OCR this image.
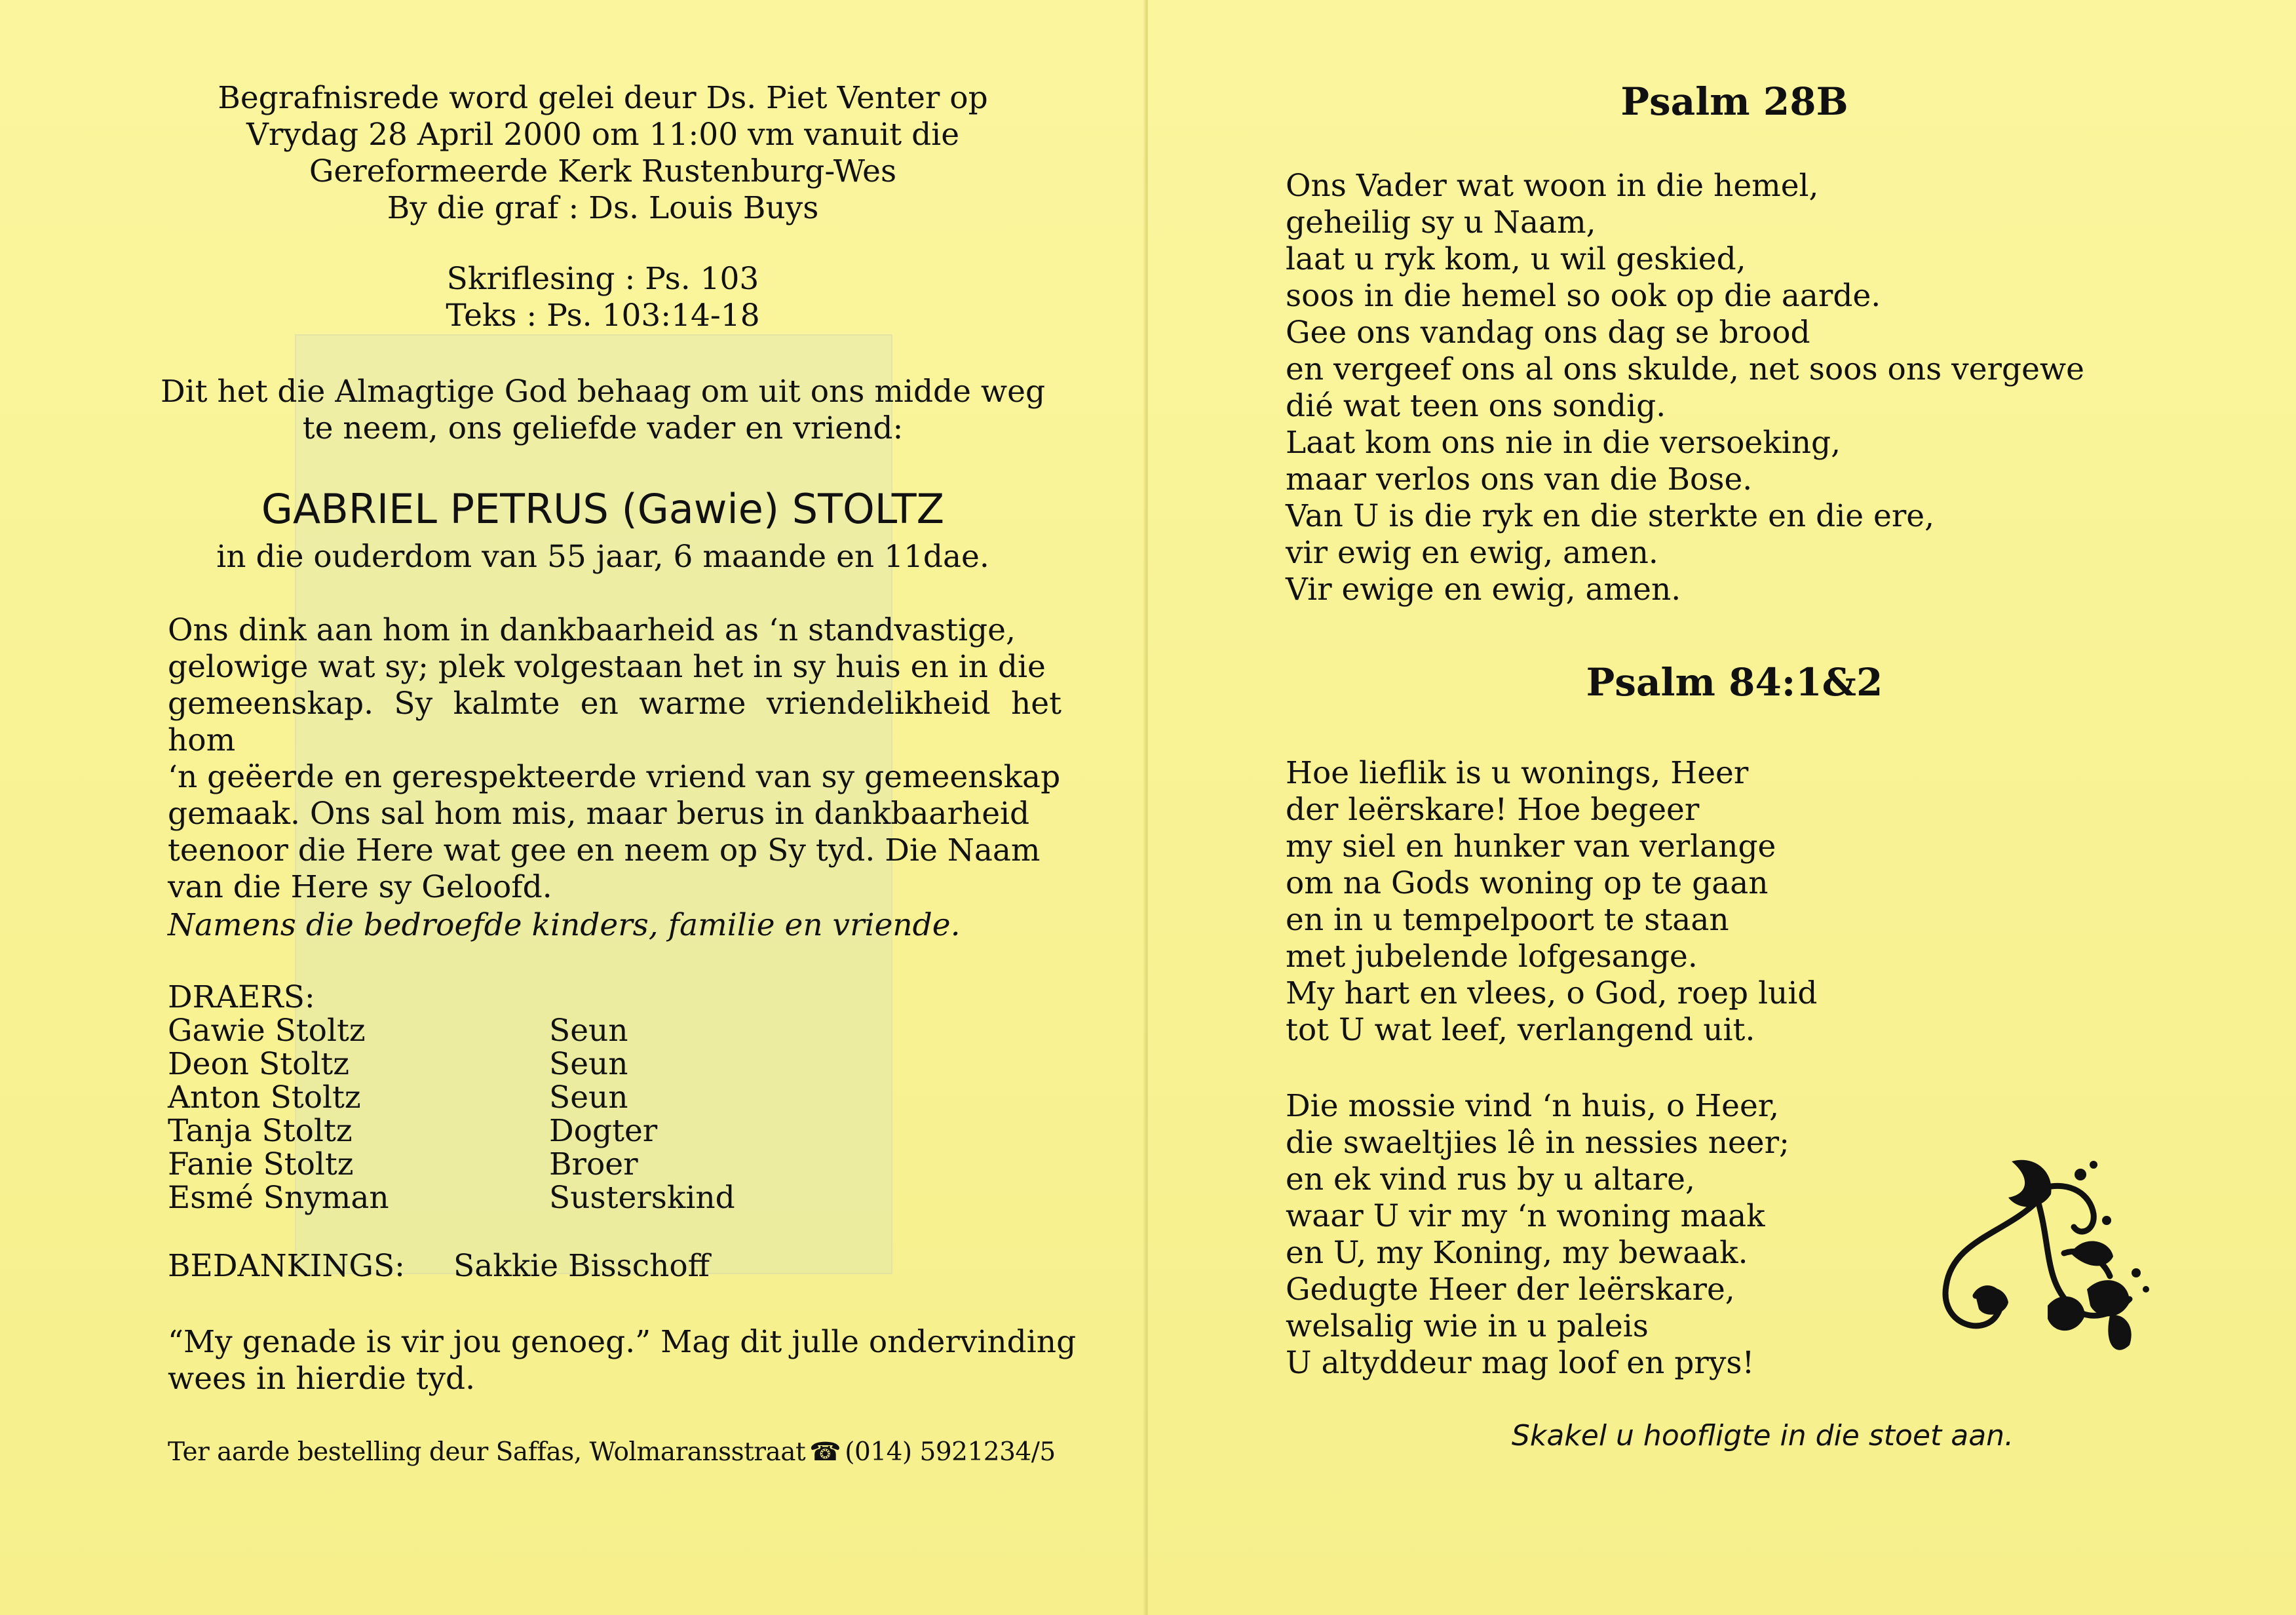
Begrafnisrede word gelei deur Ds. Piet Venter op
Vrydag 28 April 2000 om 11:00 vm vanuit die
Gereformeerde Kerk Rustenburg-Wes
By die graf : Ds. Louis Buys
Skriflesing : Ps. 103
Teks : Ps. 103:14-18
Dit het die Almagtige God behaag om uit ons midde weg
te neem, ons geliefde vader en vriend:
GABRIEL PETRUS (Gawie) STOLTZ
in die ouderdom van 55 jaar, 6 maande en 11dae.
Ons dink aan hom in dankbaarheid as ‘n standvastige,
gelowige wat sy; plek volgestaan het in sy huis en in die
gemeenskap. Sy kalmte en warme vriendelikheid het hom
‘n geëerde en gerespekteerde vriend van sy gemeenskap
gemaak. Ons sal hom mis, maar berus in dankbaarheid
teenoor die Here wat gee en neem op Sy tyd. Die Naam
van die Here sy Geloofd.
Namens die bedroefde kinders, familie en vriende.
DRAERS:
Gawie Stoltz	Seun
Deon Stoltz	Seun
Anton Stoltz	Seun
Tanja Stoltz	Dogter
Fanie Stoltz	Broer
Esmé Snyman	Susterskind
BEDANKINGS:	Sakkie Bisschoff
“My genade is vir jou genoeg.” Mag dit julle ondervinding
wees in hierdie tyd.
Ter aarde bestelling deur Saffas, Wolmaransstraat ☎ (014) 5921234/5
Psalm 28B
Ons Vader wat woon in die hemel,
geheilig sy u Naam,
laat u ryk kom, u wil geskied,
soos in die hemel so ook op die aarde.
Gee ons vandag ons dag se brood
en vergeef ons al ons skulde, net soos ons vergewe
dié wat teen ons sondig.
Laat kom ons nie in die versoeking,
maar verlos ons van die Bose.
Van U is die ryk en die sterkte en die ere,
vir ewig en ewig, amen.
Vir ewige en ewig, amen.
Psalm 84:1&2
Hoe lieflik is u wonings, Heer
der leërskare! Hoe begeer
my siel en hunker van verlange
om na Gods woning op te gaan
en in u tempelpoort te staan
met jubelende lofgesange.
My hart en vlees, o God, roep luid
tot U wat leef, verlangend uit.
Die mossie vind ‘n huis, o Heer,
die swaeltjies lê in nessies neer;
en ek vind rus by u altare,
waar U vir my ‘n woning maak
en U, my Koning, my bewaak.
Gedugte Heer der leërskare,
welsalig wie in u paleis
U altyddeur mag loof en prys!
Skakel u hoofligte in die stoet aan.
